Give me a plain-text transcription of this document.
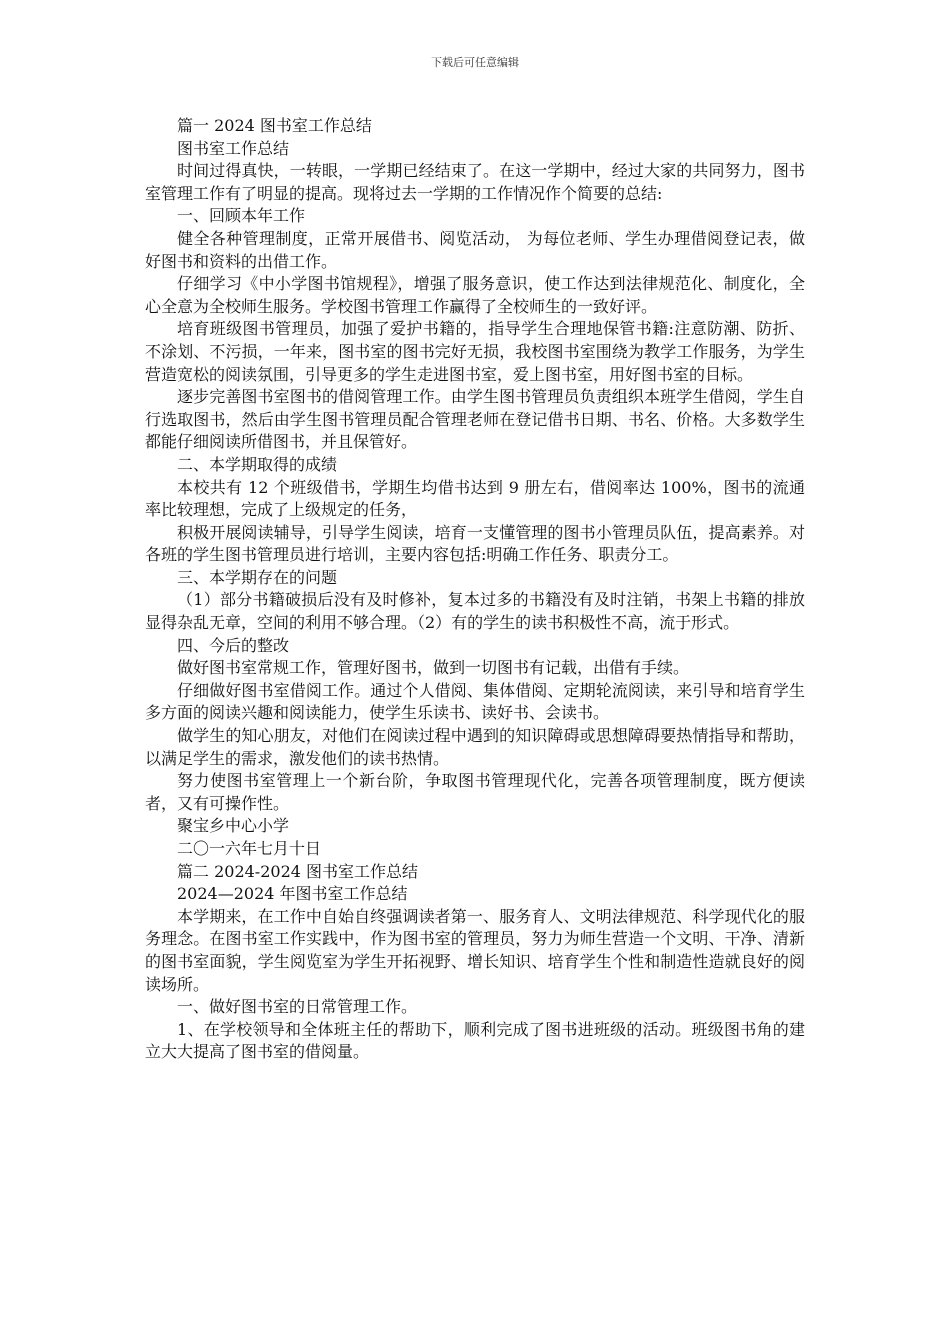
下载后可任意编辑

篇一 2024 图书室工作总结

图书室工作总结

时间过得真快，一转眼，一学期已经结束了。在这一学期中，经过大家的共同努力，图书室管理工作有了明显的提高。现将过去一学期的工作情况作个简要的总结:

一、回顾本年工作

健全各种管理制度，正常开展借书、阅览活动， 为每位老师、学生办理借阅登记表，做好图书和资料的出借工作。

仔细学习《中小学图书馆规程》，增强了服务意识，使工作达到法律规范化、制度化，全心全意为全校师生服务。学校图书管理工作赢得了全校师生的一致好评。

培育班级图书管理员，加强了爱护书籍的，指导学生合理地保管书籍:注意防潮、防折、不涂划、不污损，一年来，图书室的图书完好无损，我校图书室围绕为教学工作服务，为学生营造宽松的阅读氛围，引导更多的学生走进图书室，爱上图书室，用好图书室的目标。

逐步完善图书室图书的借阅管理工作。由学生图书管理员负责组织本班学生借阅，学生自行选取图书，然后由学生图书管理员配合管理老师在登记借书日期、书名、价格。大多数学生都能仔细阅读所借图书，并且保管好。

二、本学期取得的成绩

本校共有 12 个班级借书，学期生均借书达到 9 册左右，借阅率达 100%，图书的流通率比较理想，完成了上级规定的任务，

积极开展阅读辅导，引导学生阅读，培育一支懂管理的图书小管理员队伍，提高素养。对各班的学生图书管理员进行培训，主要内容包括:明确工作任务、职责分工。

三、本学期存在的问题

（1）部分书籍破损后没有及时修补，复本过多的书籍没有及时注销，书架上书籍的排放显得杂乱无章，空间的利用不够合理。（2）有的学生的读书积极性不高，流于形式。

四、今后的整改

做好图书室常规工作，管理好图书，做到一切图书有记载，出借有手续。

仔细做好图书室借阅工作。通过个人借阅、集体借阅、定期轮流阅读，来引导和培育学生多方面的阅读兴趣和阅读能力，使学生乐读书、读好书、会读书。

做学生的知心朋友，对他们在阅读过程中遇到的知识障碍或思想障碍要热情指导和帮助，以满足学生的需求，激发他们的读书热情。

努力使图书室管理上一个新台阶，争取图书管理现代化，完善各项管理制度，既方便读者，又有可操作性。

聚宝乡中心小学

二〇一六年七月十日

篇二 2024-2024 图书室工作总结

2024—2024 年图书室工作总结

本学期来，在工作中自始自终强调读者第一、服务育人、文明法律规范、科学现代化的服务理念。在图书室工作实践中，作为图书室的管理员，努力为师生营造一个文明、干净、清新的图书室面貌，学生阅览室为学生开拓视野、增长知识、培育学生个性和制造性造就良好的阅读场所。

一、做好图书室的日常管理工作。

1、在学校领导和全体班主任的帮助下，顺利完成了图书进班级的活动。班级图书角的建立大大提高了图书室的借阅量。
